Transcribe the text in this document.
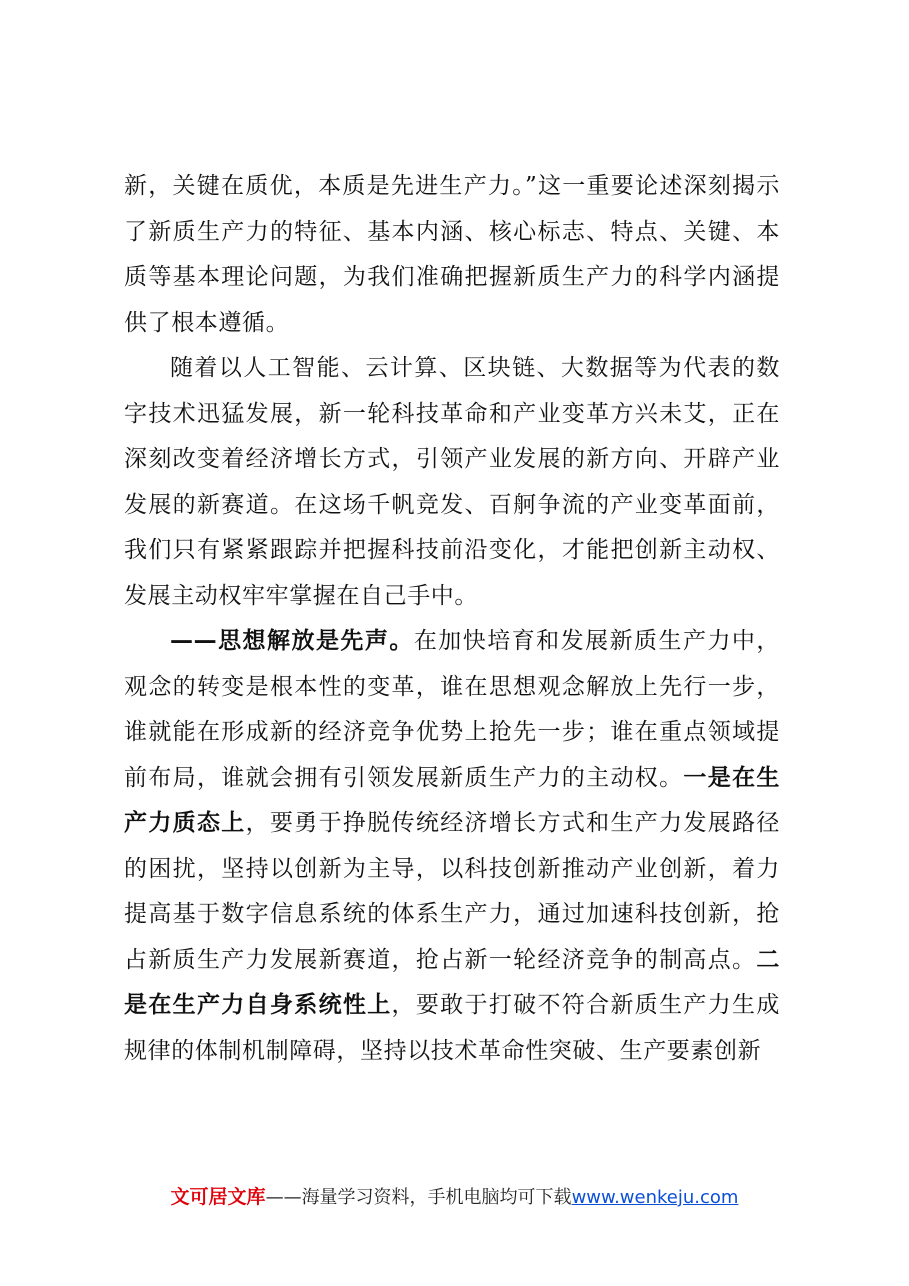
新，关键在质优，本质是先进生产力。”这一重要论述深刻揭示了新质生产力的特征、基本内涵、核心标志、特点、关键、本质等基本理论问题，为我们准确把握新质生产力的科学内涵提供了根本遵循。

随着以人工智能、云计算、区块链、大数据等为代表的数字技术迅猛发展，新一轮科技革命和产业变革方兴未艾，正在深刻改变着经济增长方式，引领产业发展的新方向、开辟产业发展的新赛道。在这场千帆竞发、百舸争流的产业变革面前，我们只有紧紧跟踪并把握科技前沿变化，才能把创新主动权、发展主动权牢牢掌握在自己手中。

——思想解放是先声。在加快培育和发展新质生产力中，观念的转变是根本性的变革，谁在思想观念解放上先行一步，谁就能在形成新的经济竞争优势上抢先一步；谁在重点领域提前布局，谁就会拥有引领发展新质生产力的主动权。一是在生产力质态上，要勇于挣脱传统经济增长方式和生产力发展路径的困扰，坚持以创新为主导，以科技创新推动产业创新，着力提高基于数字信息系统的体系生产力，通过加速科技创新，抢占新质生产力发展新赛道，抢占新一轮经济竞争的制高点。二是在生产力自身系统性上，要敢于打破不符合新质生产力生成规律的体制机制障碍，坚持以技术革命性突破、生产要素创新

文可居文库——海量学习资料，手机电脑均可下载www.wenkeju.com
